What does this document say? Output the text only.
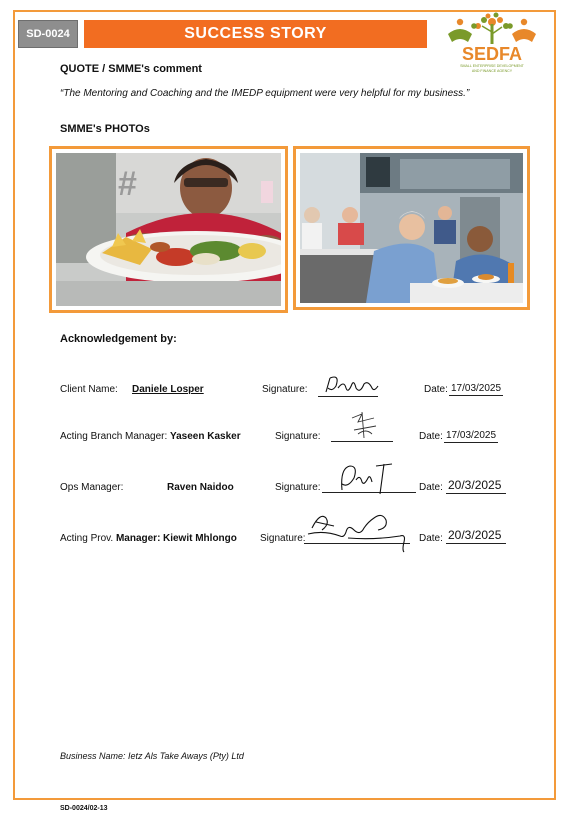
SD-0024	SUCCESS STORY
SEDFA
SMALL ENTERPRISE DEVELOPMENT
AND FINANCE AGENCY
QUOTE / SMME's comment
“The Mentoring and Coaching and the IMEDP equipment were very helpful for my business.”
SMME's PHOTOs
#
Acknowledgement by:
Client Name: Daniele Losper	Signature:	Date: 17/03/2025
Acting Branch Manager: Yaseen Kasker	Signature:	Date: 17/03/2025
Ops Manager:	Raven Naidoo	Signature:	Date: 20/3/2025
Acting Prov. Manager: Kiewit Mhlongo Signature:	Date: 20/3/2025
Business Name: Ietz Als Take Aways (Pty) Ltd
SD-0024/02-13
